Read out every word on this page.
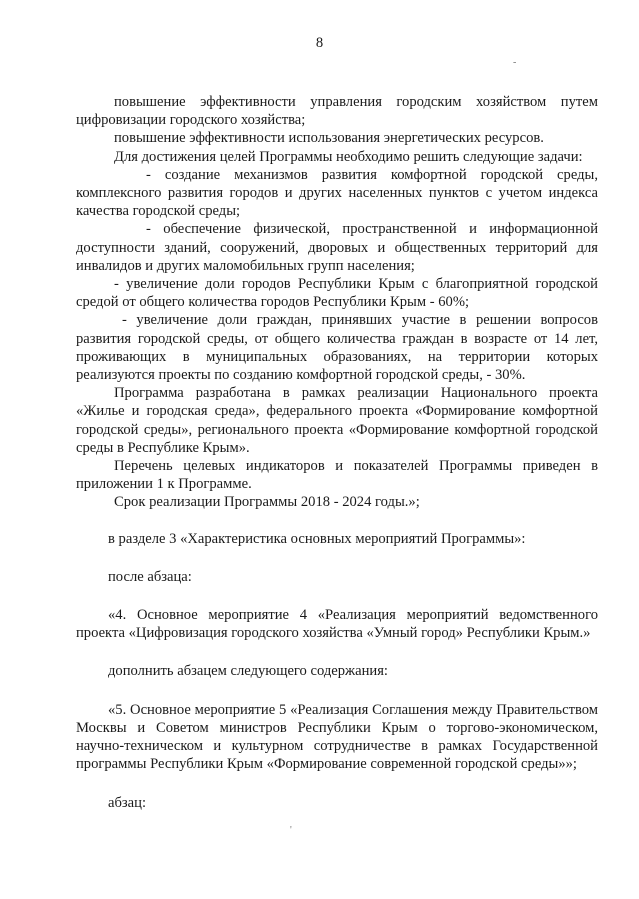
8
-
'

повышение эффективности управления городским хозяйством путем цифровизации городского хозяйства;

повышение эффективности использования энергетических ресурсов.

Для достижения целей Программы необходимо решить следующие задачи:

- создание механизмов развития комфортной городской среды, комплексного развития городов и других населенных пунктов с учетом индекса качества городской среды;

- обеспечение физической, пространственной и информационной доступности зданий, сооружений, дворовых и общественных территорий для инвалидов и других маломобильных групп населения;

- увеличение доли городов Республики Крым с благоприятной городской средой от общего количества городов Республики Крым - 60%;

- увеличение доли граждан, принявших участие в решении вопросов развития городской среды, от общего количества граждан в возрасте от 14 лет, проживающих в муниципальных образованиях, на территории которых реализуются проекты по созданию комфортной городской среды, - 30%.

Программа разработана в рамках реализации Национального проекта «Жилье и городская среда», федерального проекта «Формирование комфортной городской среды», регионального проекта «Формирование комфортной городской среды в Республике Крым».

Перечень целевых индикаторов и показателей Программы приведен в приложении 1 к Программе.

Срок реализации Программы 2018 - 2024 годы.»;

в разделе 3 «Характеристика основных мероприятий Программы»:

после абзаца:

«4. Основное мероприятие 4 «Реализация мероприятий ведомственного проекта «Цифровизация городского хозяйства «Умный город» Республики Крым.»

дополнить абзацем следующего содержания:

«5. Основное мероприятие 5 «Реализация Соглашения между Правительством Москвы и Советом министров Республики Крым о торгово-экономическом, научно-техническом и культурном сотрудничестве в рамках Государственной программы Республики Крым «Формирование современной городской среды»»;

абзац:
